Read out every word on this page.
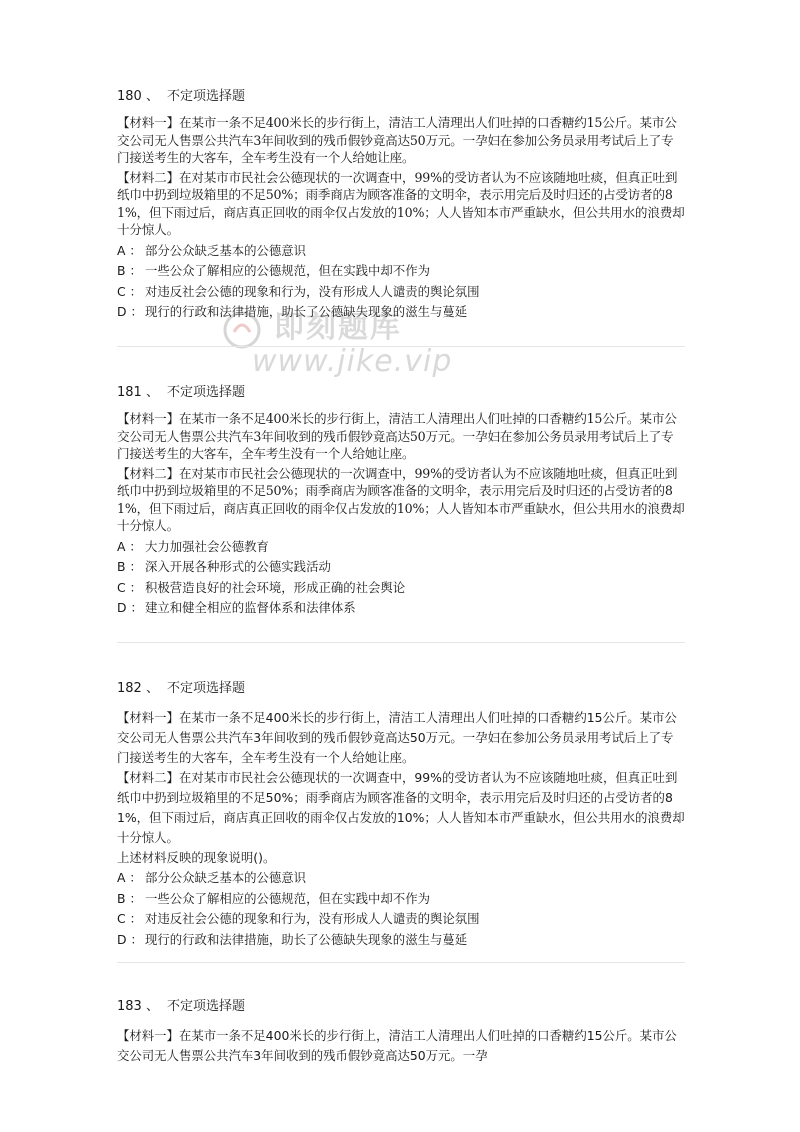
即刻题库
www.jike.vip
180 、 不定项选择题
【材料一】在某市一条不足400米长的步行街上，清洁工人清理出人们吐掉的口香糖约15公斤。某市公交公司无人售票公共汽车3年间收到的残币假钞竟高达50万元。一孕妇在参加公务员录用考试后上了专门接送考生的大客车，全车考生没有一个人给她让座。
【材料二】在对某市市民社会公德现状的一次调查中，99%的受访者认为不应该随地吐痰，但真正吐到纸巾中扔到垃圾箱里的不足50%；雨季商店为顾客准备的文明伞，表示用完后及时归还的占受访者的81%，但下雨过后，商店真正回收的雨伞仅占发放的10%；人人皆知本市严重缺水，但公共用水的浪费却十分惊人。
A ： 部分公众缺乏基本的公德意识
B ： 一些公众了解相应的公德规范，但在实践中却不作为
C ： 对违反社会公德的现象和行为，没有形成人人谴责的舆论氛围
D ： 现行的行政和法律措施，助长了公德缺失现象的滋生与蔓延
181 、 不定项选择题
【材料一】在某市一条不足400米长的步行街上，清洁工人清理出人们吐掉的口香糖约15公斤。某市公交公司无人售票公共汽车3年间收到的残币假钞竟高达50万元。一孕妇在参加公务员录用考试后上了专门接送考生的大客车，全车考生没有一个人给她让座。
【材料二】在对某市市民社会公德现状的一次调查中，99%的受访者认为不应该随地吐痰，但真正吐到纸巾中扔到垃圾箱里的不足50%；雨季商店为顾客准备的文明伞，表示用完后及时归还的占受访者的81%，但下雨过后，商店真正回收的雨伞仅占发放的10%；人人皆知本市严重缺水，但公共用水的浪费却十分惊人。
A ： 大力加强社会公德教育
B ： 深入开展各种形式的公德实践活动
C ： 积极营造良好的社会环境，形成正确的社会舆论
D ： 建立和健全相应的监督体系和法律体系
182 、 不定项选择题
【材料一】在某市一条不足400米长的步行街上，清洁工人清理出人们吐掉的口香糖约15公斤。某市公交公司无人售票公共汽车3年间收到的残币假钞竟高达50万元。一孕妇在参加公务员录用考试后上了专门接送考生的大客车，全车考生没有一个人给她让座。
【材料二】在对某市市民社会公德现状的一次调查中，99%的受访者认为不应该随地吐痰，但真正吐到纸巾中扔到垃圾箱里的不足50%；雨季商店为顾客准备的文明伞，表示用完后及时归还的占受访者的81%，但下雨过后，商店真正回收的雨伞仅占发放的10%；人人皆知本市严重缺水，但公共用水的浪费却十分惊人。
上述材料反映的现象说明()。
A ： 部分公众缺乏基本的公德意识
B ： 一些公众了解相应的公德规范，但在实践中却不作为
C ： 对违反社会公德的现象和行为，没有形成人人谴责的舆论氛围
D ： 现行的行政和法律措施，助长了公德缺失现象的滋生与蔓延
183 、 不定项选择题
【材料一】在某市一条不足400米长的步行街上，清洁工人清理出人们吐掉的口香糖约15公斤。某市公交公司无人售票公共汽车3年间收到的残币假钞竟高达50万元。一孕
